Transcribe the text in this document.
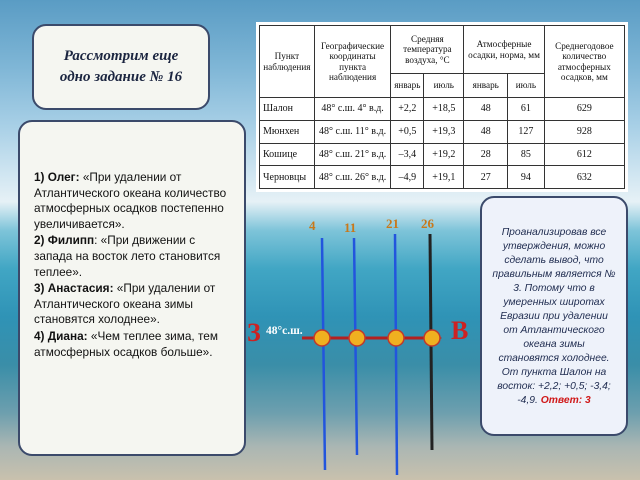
Рассмотрим еще
одно задание № 16
1) Олег: «При удалении от Атлантического океана количество атмосферных осадков постепенно увеличивается».
2) Филипп: «При движении с запада на восток лето становится теплее».
3) Анастасия: «При удалении от Атлантического океана зимы становятся холоднее».
4) Диана: «Чем теплее зима, тем атмосферных осадков больше».
Пункт наблюдения	Географические координаты пункта наблюдения	Средняя температура воздуха, °С		Атмосферные осадки, норма, мм		Среднегодовое количество атмосферных осадков, мм
		январь	июль	январь	июль	
Шалон	48° с.ш. 4° в.д.	+2,2	+18,5	48	61	629
Мюнхен	48° с.ш. 11° в.д.	+0,5	+19,3	48	127	928
Кошице	48° с.ш. 21° в.д.	–3,4	+19,2	28	85	612
Черновцы	48° с.ш. 26° в.д.	–4,9	+19,1	27	94	632
4 11 21 26
З	В
48°с.ш.
Проанализировав все утверждения, можно сделать вывод, что правильным является № 3. Потому что в умеренных широтах Евразии при удалении от Атлантического океана зимы становятся холоднее. От пункта Шалон на восток: +2,2; +0,5; -3,4; -4,9. Ответ: 3
